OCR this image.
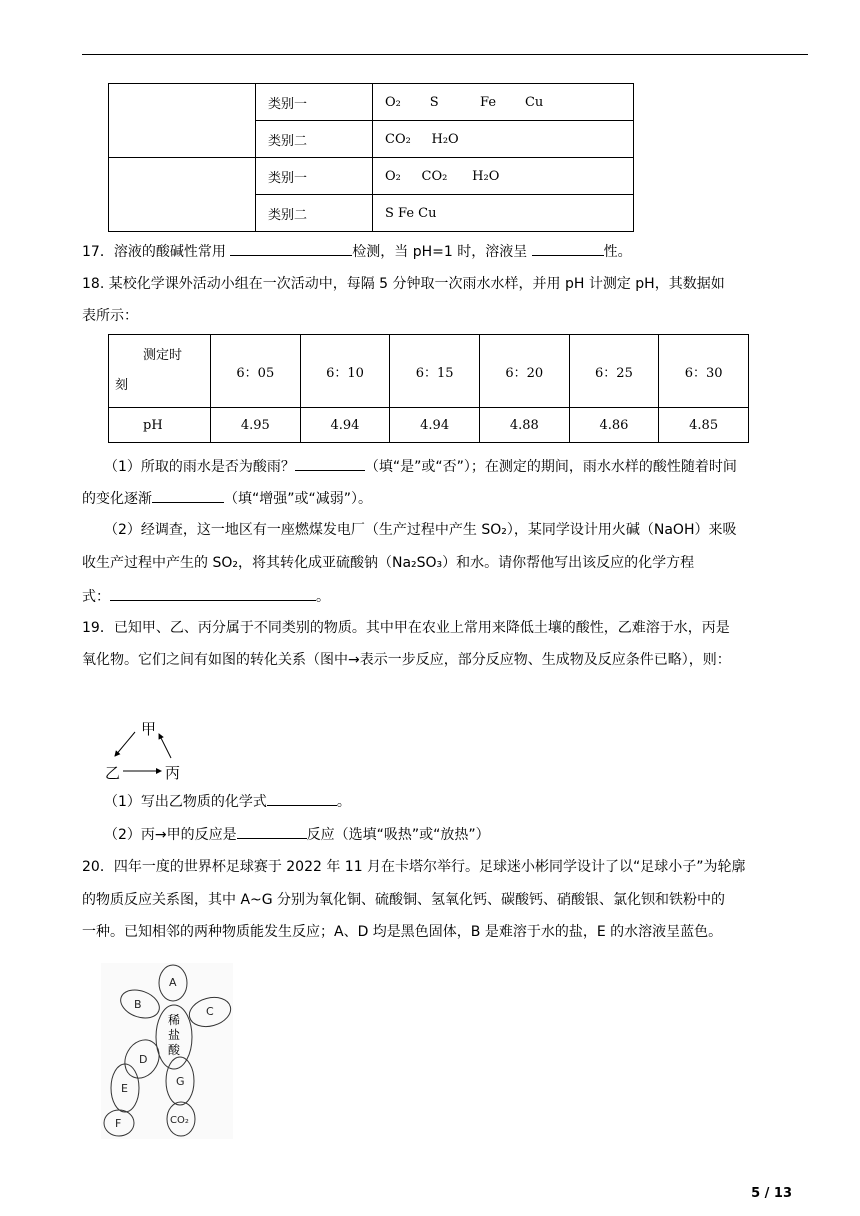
	类别一	O₂       S          Fe       Cu
	类别二	CO₂     H₂O
	类别一	O₂     CO₂      H₂O
	类别二	S Fe Cu
17．溶液的酸碱性常用	检测，当 pH=1 时，溶液呈	性。
18. 某校化学课外活动小组在一次活动中，每隔 5 分钟取一次雨水水样，并用 pH 计测定 pH，其数据如
表所示：
测定时
刻	6：05	6：10	6：15	6：20	6：25	6：30
pH	4.95	4.94	4.94	4.88	4.86	4.85
（1）所取的雨水是否为酸雨？	（填“是”或“否”）；在测定的期间，雨水水样的酸性随着时间
的变化逐渐	（填“增强”或“减弱”）。
（2）经调查，这一地区有一座燃煤发电厂（生产过程中产生 SO₂），某同学设计用火碱（NaOH）来吸
收生产过程中产生的 SO₂，将其转化成亚硫酸钠（Na₂SO₃）和水。请你帮他写出该反应的化学方程
式：	。
19．已知甲、乙、丙分属于不同类别的物质。其中甲在农业上常用来降低土壤的酸性，乙难溶于水，丙是
氧化物。它们之间有如图的转化关系（图中→表示一步反应，部分反应物、生成物及反应条件已略），则：
甲
乙	丙
（1）写出乙物质的化学式	。
（2）丙→甲的反应是	反应（选填“吸热”或“放热”）
20．四年一度的世界杯足球赛于 2022 年 11 月在卡塔尔举行。足球迷小彬同学设计了以“足球小子”为轮廓
的物质反应关系图，其中 A~G 分别为氧化铜、硫酸铜、氢氧化钙、碳酸钙、硝酸银、氯化钡和铁粉中的
一种。已知相邻的两种物质能发生反应；A、D 均是黑色固体，B 是难溶于水的盐，E 的水溶液呈蓝色。
A
B
C
D
E
F
G
CO₂
稀盐酸
5 / 13
